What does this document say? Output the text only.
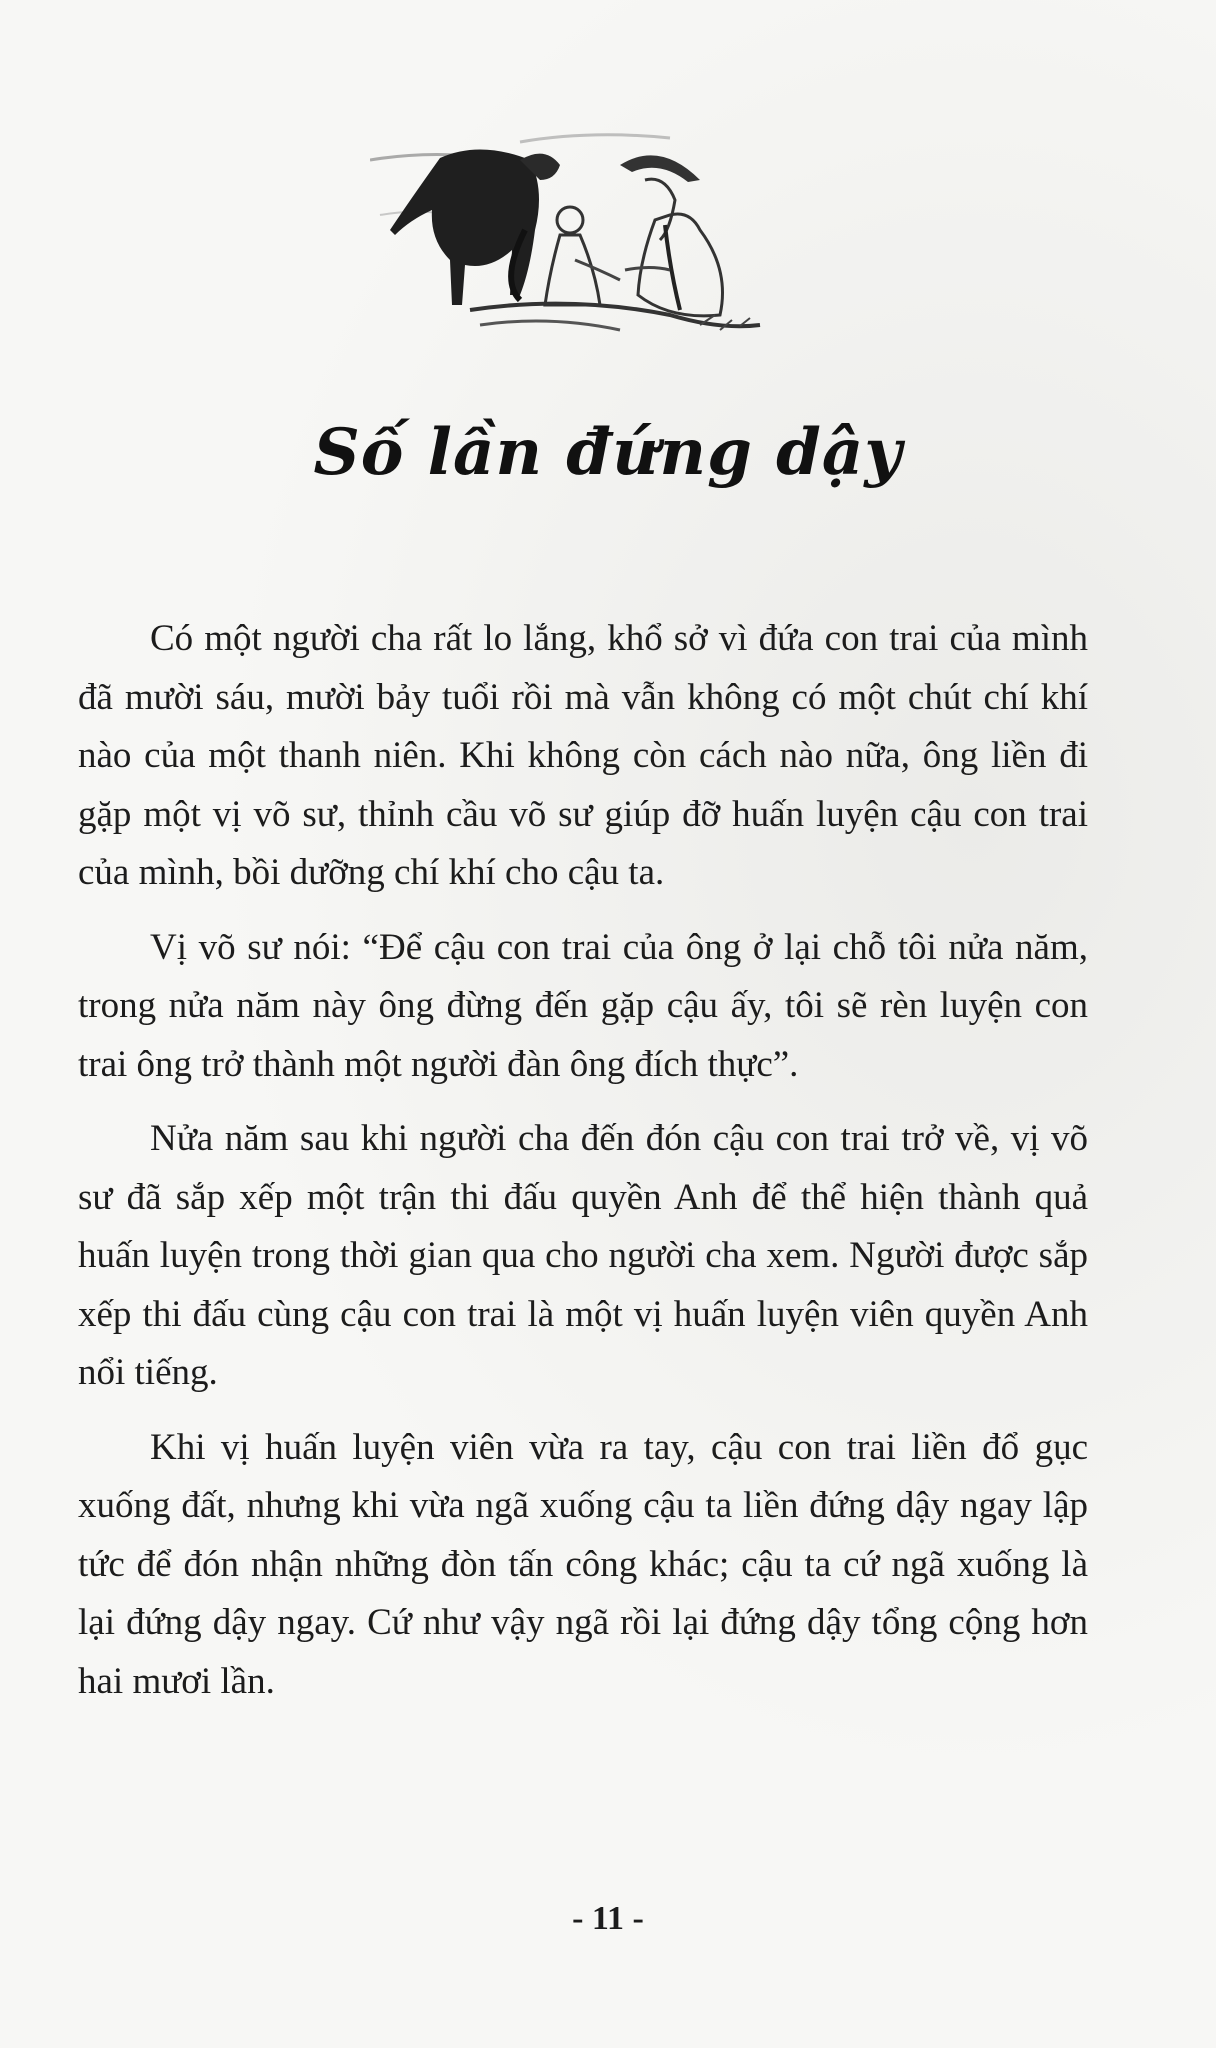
Số lần đứng dậy

Có một người cha rất lo lắng, khổ sở vì đứa con trai của mình đã mười sáu, mười bảy tuổi rồi mà vẫn không có một chút chí khí nào của một thanh niên. Khi không còn cách nào nữa, ông liền đi gặp một vị võ sư, thỉnh cầu võ sư giúp đỡ huấn luyện cậu con trai của mình, bồi dưỡng chí khí cho cậu ta.

Vị võ sư nói: “Để cậu con trai của ông ở lại chỗ tôi nửa năm, trong nửa năm này ông đừng đến gặp cậu ấy, tôi sẽ rèn luyện con trai ông trở thành một người đàn ông đích thực”.

Nửa năm sau khi người cha đến đón cậu con trai trở về, vị võ sư đã sắp xếp một trận thi đấu quyền Anh để thể hiện thành quả huấn luyện trong thời gian qua cho người cha xem. Người được sắp xếp thi đấu cùng cậu con trai là một vị huấn luyện viên quyền Anh nổi tiếng.

Khi vị huấn luyện viên vừa ra tay, cậu con trai liền đổ gục xuống đất, nhưng khi vừa ngã xuống cậu ta liền đứng dậy ngay lập tức để đón nhận những đòn tấn công khác; cậu ta cứ ngã xuống là lại đứng dậy ngay. Cứ như vậy ngã rồi lại đứng dậy tổng cộng hơn hai mươi lần.

- 11 -
